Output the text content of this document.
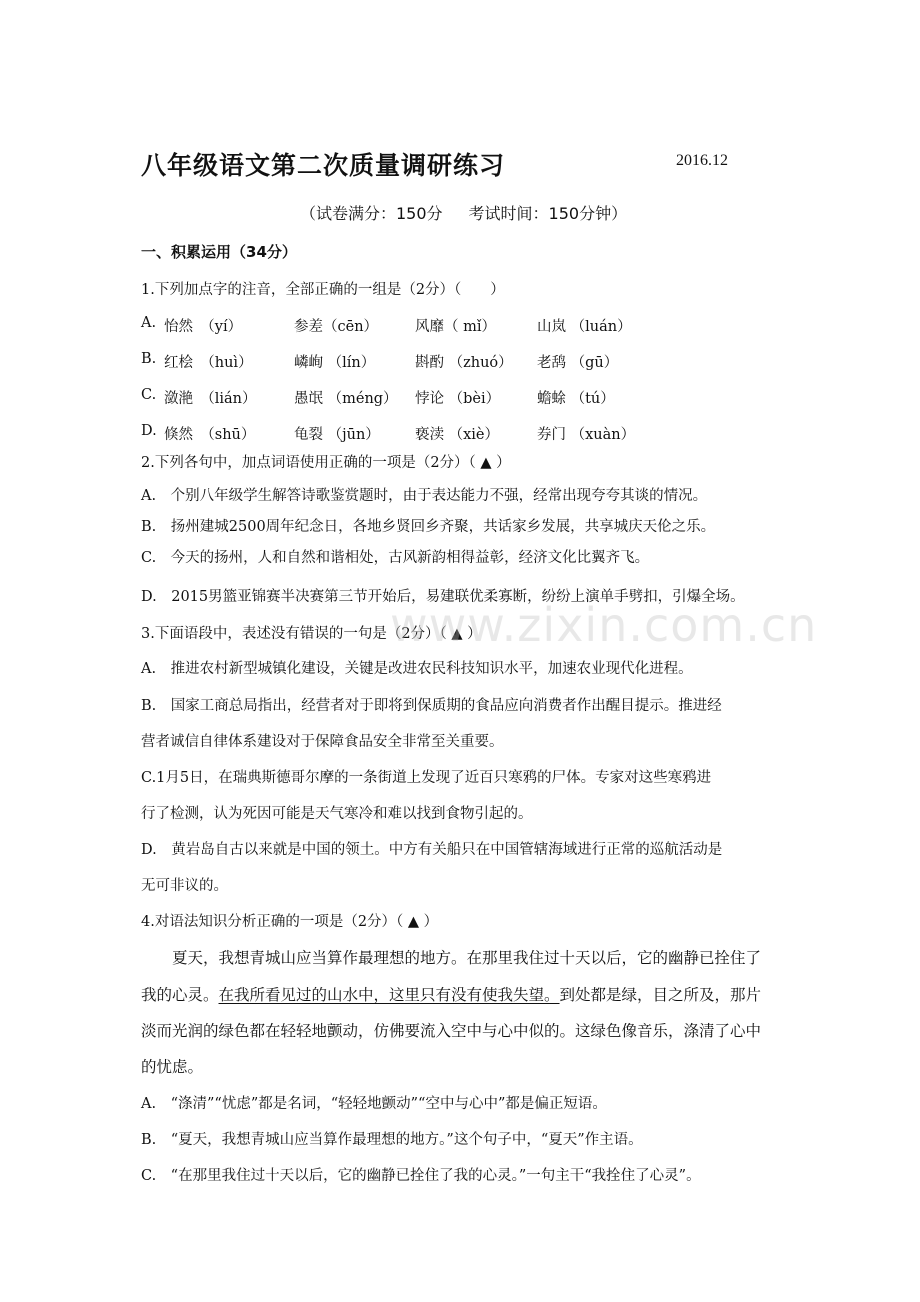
八年级语文第二次质量调研练习	2016.12
（试卷满分：150分 考试时间：150分钟）
一、积累运用（34分）
1.下列加点字的注音，全部正确的一组是（2分）（　　）
A. 怡然　（yí）	参差（cēn）	风靡（ mǐ）	山岚 （luán）
B. 红桧　（huì）	嶙峋 （lín）	斟酌 （zhuó） 老鸹 （gū）
C. 潋滟　（lián）	愚氓 （méng） 悖论 （bèi）	蟾蜍 （tú）
D. 倏然　（shū）	龟裂 （jūn） 亵渎 （xiè）	券门 （xuàn）
2.下列各句中，加点词语使用正确的一项是（2分）（ ▲ ）
A.　个别八年级学生解答诗歌鉴赏题时，由于表达能力不强，经常出现夸夸其谈的情况。
B.　扬州建城2500周年纪念日，各地乡贤回乡齐聚，共话家乡发展，共享城庆天伦之乐。
C.　今天的扬州，人和自然和谐相处，古风新韵相得益彰，经济文化比翼齐飞。
D.　2015男篮亚锦赛半决赛第三节开始后，易建联优柔寡断，纷纷上演单手劈扣，引爆全场。
3.下面语段中，表述没有错误的一句是（2分）（ ▲ ）
A.　推进农村新型城镇化建设，关键是改进农民科技知识水平，加速农业现代化进程。
B.　国家工商总局指出，经营者对于即将到保质期的食品应向消费者作出醒目提示。推进经
营者诚信自律体系建设对于保障食品安全非常至关重要。
C.1月5日，在瑞典斯德哥尔摩的一条街道上发现了近百只寒鸦的尸体。专家对这些寒鸦进
行了检测，认为死因可能是天气寒冷和难以找到食物引起的。
D.　黄岩岛自古以来就是中国的领土。中方有关船只在中国管辖海域进行正常的巡航活动是
无可非议的。
4.对语法知识分析正确的一项是（2分）（ ▲ ）
夏天，我想青城山应当算作最理想的地方。在那里我住过十天以后，它的幽静已拴住了
我的心灵。在我所看见过的山水中，这里只有没有使我失望。到处都是绿，目之所及，那片
淡而光润的绿色都在轻轻地颤动，仿佛要流入空中与心中似的。这绿色像音乐，涤清了心中
的忧虑。
A.　“涤清”“忧虑”都是名词，“轻轻地颤动”“空中与心中”都是偏正短语。
B.　“夏天，我想青城山应当算作最理想的地方。”这个句子中，“夏天”作主语。
C.　“在那里我住过十天以后，它的幽静已拴住了我的心灵。”一句主干“我拴住了心灵”。
www.zixin.com.cn
